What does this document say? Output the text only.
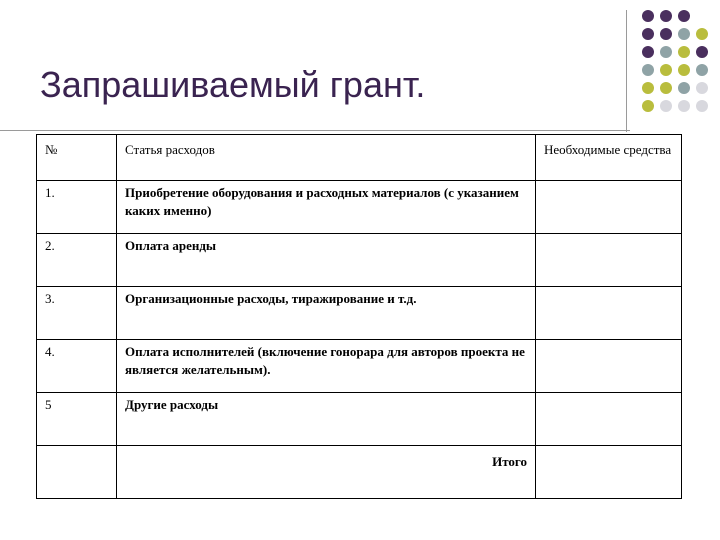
Запрашиваемый грант.
№	Статья расходов	Необходимые средства
1.	Приобретение оборудования и расходных материалов (с указанием каких именно)	
2.	Оплата аренды	
3.	Организационные расходы, тиражирование и т.д.	
4.	Оплата исполнителей (включение гонорара для авторов проекта не является желательным).	
5	Другие расходы	
	Итого	
